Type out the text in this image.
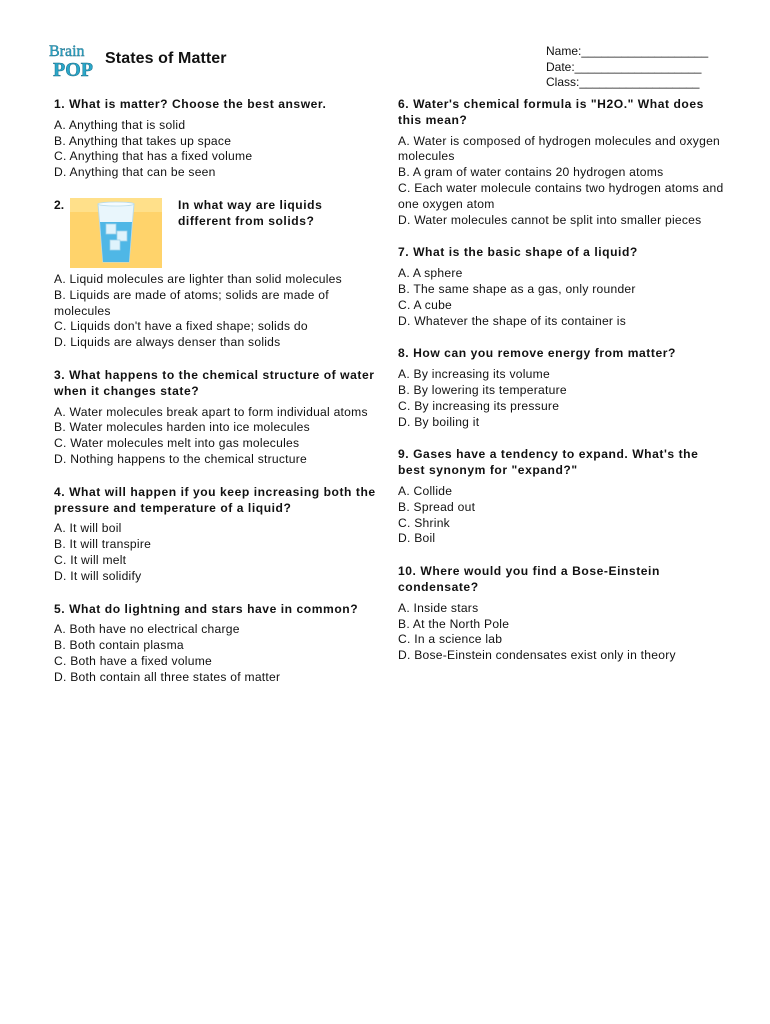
Brain
POP
States of Matter	Name:___________________
Date:___________________
Class:__________________
1. What is matter? Choose the best answer.
A. Anything that is solid
B. Anything that takes up space
C. Anything that has a fixed volume
D. Anything that can be seen
2.	In what way are liquids different from solids?
A. Liquid molecules are lighter than solid molecules
B. Liquids are made of atoms; solids are made of molecules
C. Liquids don't have a fixed shape; solids do
D. Liquids are always denser than solids
3. What happens to the chemical structure of water when it changes state?
A. Water molecules break apart to form individual atoms
B. Water molecules harden into ice molecules
C. Water molecules melt into gas molecules
D. Nothing happens to the chemical structure
4. What will happen if you keep increasing both the pressure and temperature of a liquid?
A. It will boil
B. It will transpire
C. It will melt
D. It will solidify
5. What do lightning and stars have in common?
A. Both have no electrical charge
B. Both contain plasma
C. Both have a fixed volume
D. Both contain all three states of matter
6. Water's chemical formula is "H2O." What does this mean?
A. Water is composed of hydrogen molecules and oxygen molecules
B. A gram of water contains 20 hydrogen atoms
C. Each water molecule contains two hydrogen atoms and one oxygen atom
D. Water molecules cannot be split into smaller pieces
7. What is the basic shape of a liquid?
A. A sphere
B. The same shape as a gas, only rounder
C. A cube
D. Whatever the shape of its container is
8. How can you remove energy from matter?
A. By increasing its volume
B. By lowering its temperature
C. By increasing its pressure
D. By boiling it
9. Gases have a tendency to expand. What's the best synonym for "expand?"
A. Collide
B. Spread out
C. Shrink
D. Boil
10. Where would you find a Bose-Einstein condensate?
A. Inside stars
B. At the North Pole
C. In a science lab
D. Bose-Einstein condensates exist only in theory
